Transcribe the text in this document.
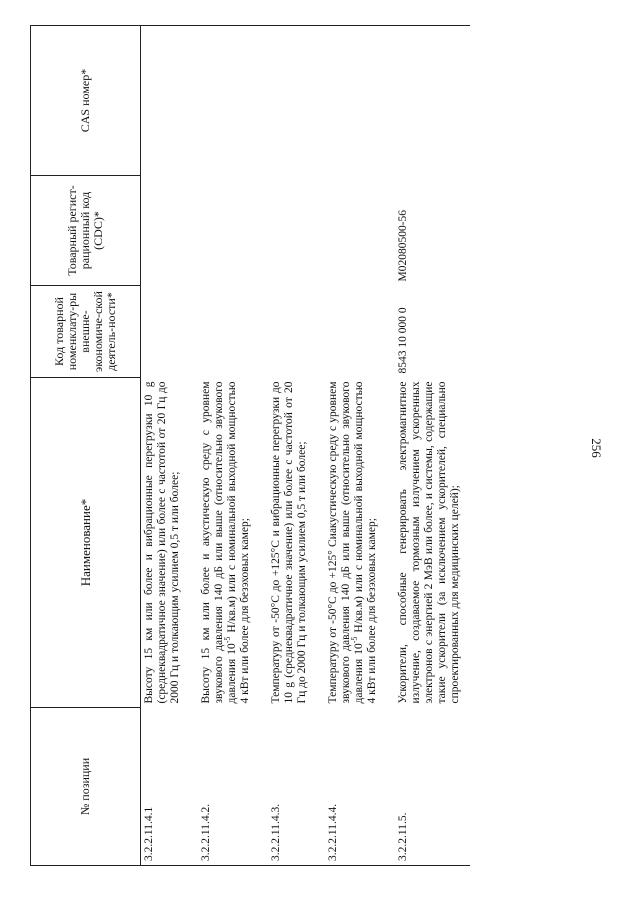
256
№ позиции	Наименование*	Код товарной номенклату-ры внешне-экономиче-ской деятель-ности*	Товарный регист-рационный код (CDC)*	CAS номер*
3.2.2.11.4.1	Высоту 15 км или более и вибрационные перегрузки 10 g (среднеквадратичное значение) или более с частотой от 20 Гц до 2000 Гц и толкающим усилием 0,5 т или более;			
3.2.2.11.4.2.	Высоту 15 км или более и акустическую среду с уровнем звукового давления 140 дБ или выше (относительно звукового давления $10^{-5}$ Н/кв.м) или с номинальной выходной мощностью 4 кВт или более для безэховых камер;			
3.2.2.11.4.3.	Температуру от -50°C до +125°C и вибрационные перегрузки до 10 g (среднеквадратичное значение) или более с частотой от 20 Гц до 2000 Гц и толкающим усилием 0,5 т или более;			
3.2.2.11.4.4.	Температуру от -50°C до +125° Сиакустическую среду с уровнем звукового давления 140 дБ или выше (относительно звукового давления $10^{-5}$ Н/кв.м) или с номинальной выходной мощностью 4 кВт или более для безэховых камер;			
3.2.2.11.5.	Ускорители, способные генерировать электромагнитное излучение, создаваемое тормозным излучением ускоренных электронов с энергией 2 МэВ или более, и системы, содержащие такие ускорители (за исключением ускорителей, специально спроектированных для медицинских целей);	8543 10 000 0	M02080500-56	
